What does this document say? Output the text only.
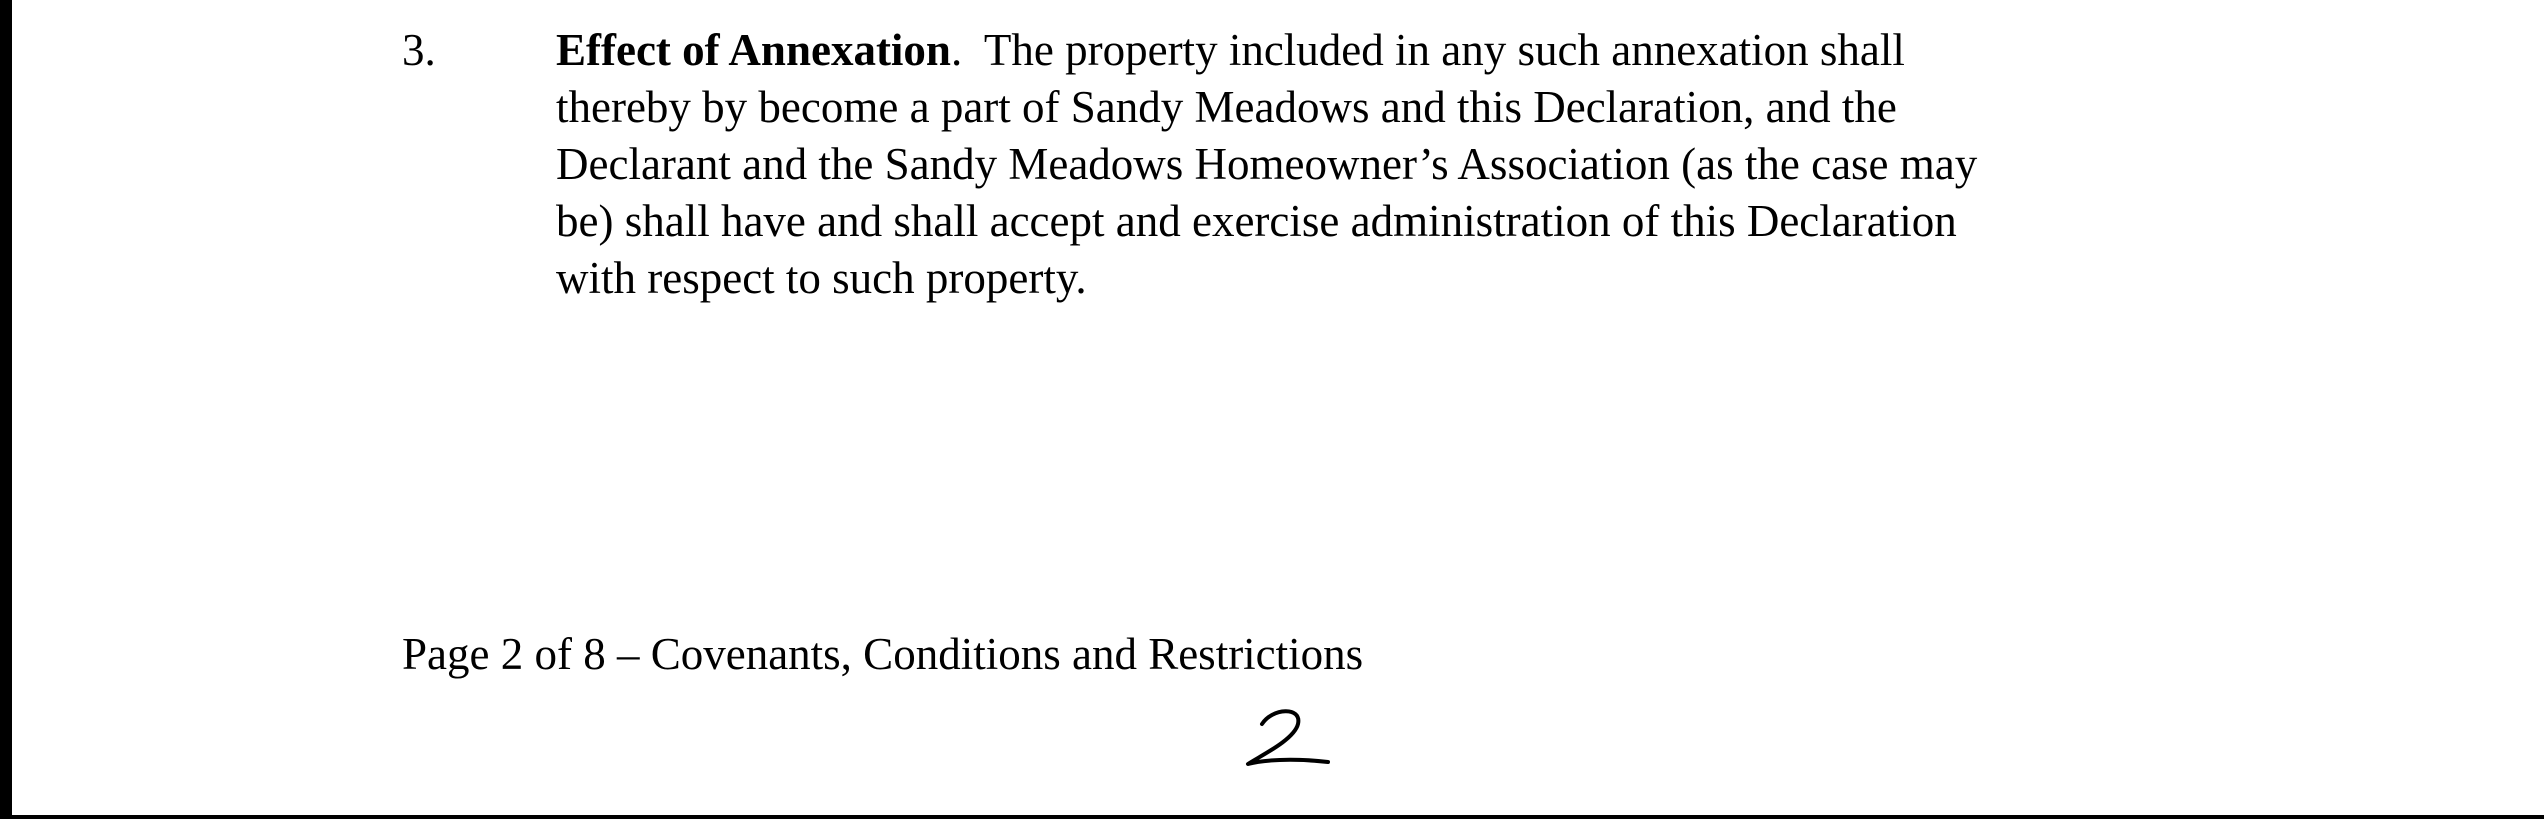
3.	Effect of Annexation.  The property included in any such annexation shall
thereby by become a part of Sandy Meadows and this Declaration, and the
Declarant and the Sandy Meadows Homeowner’s Association (as the case may
be) shall have and shall accept and exercise administration of this Declaration
with respect to such property.
Page 2 of 8 – Covenants, Conditions and Restrictions
